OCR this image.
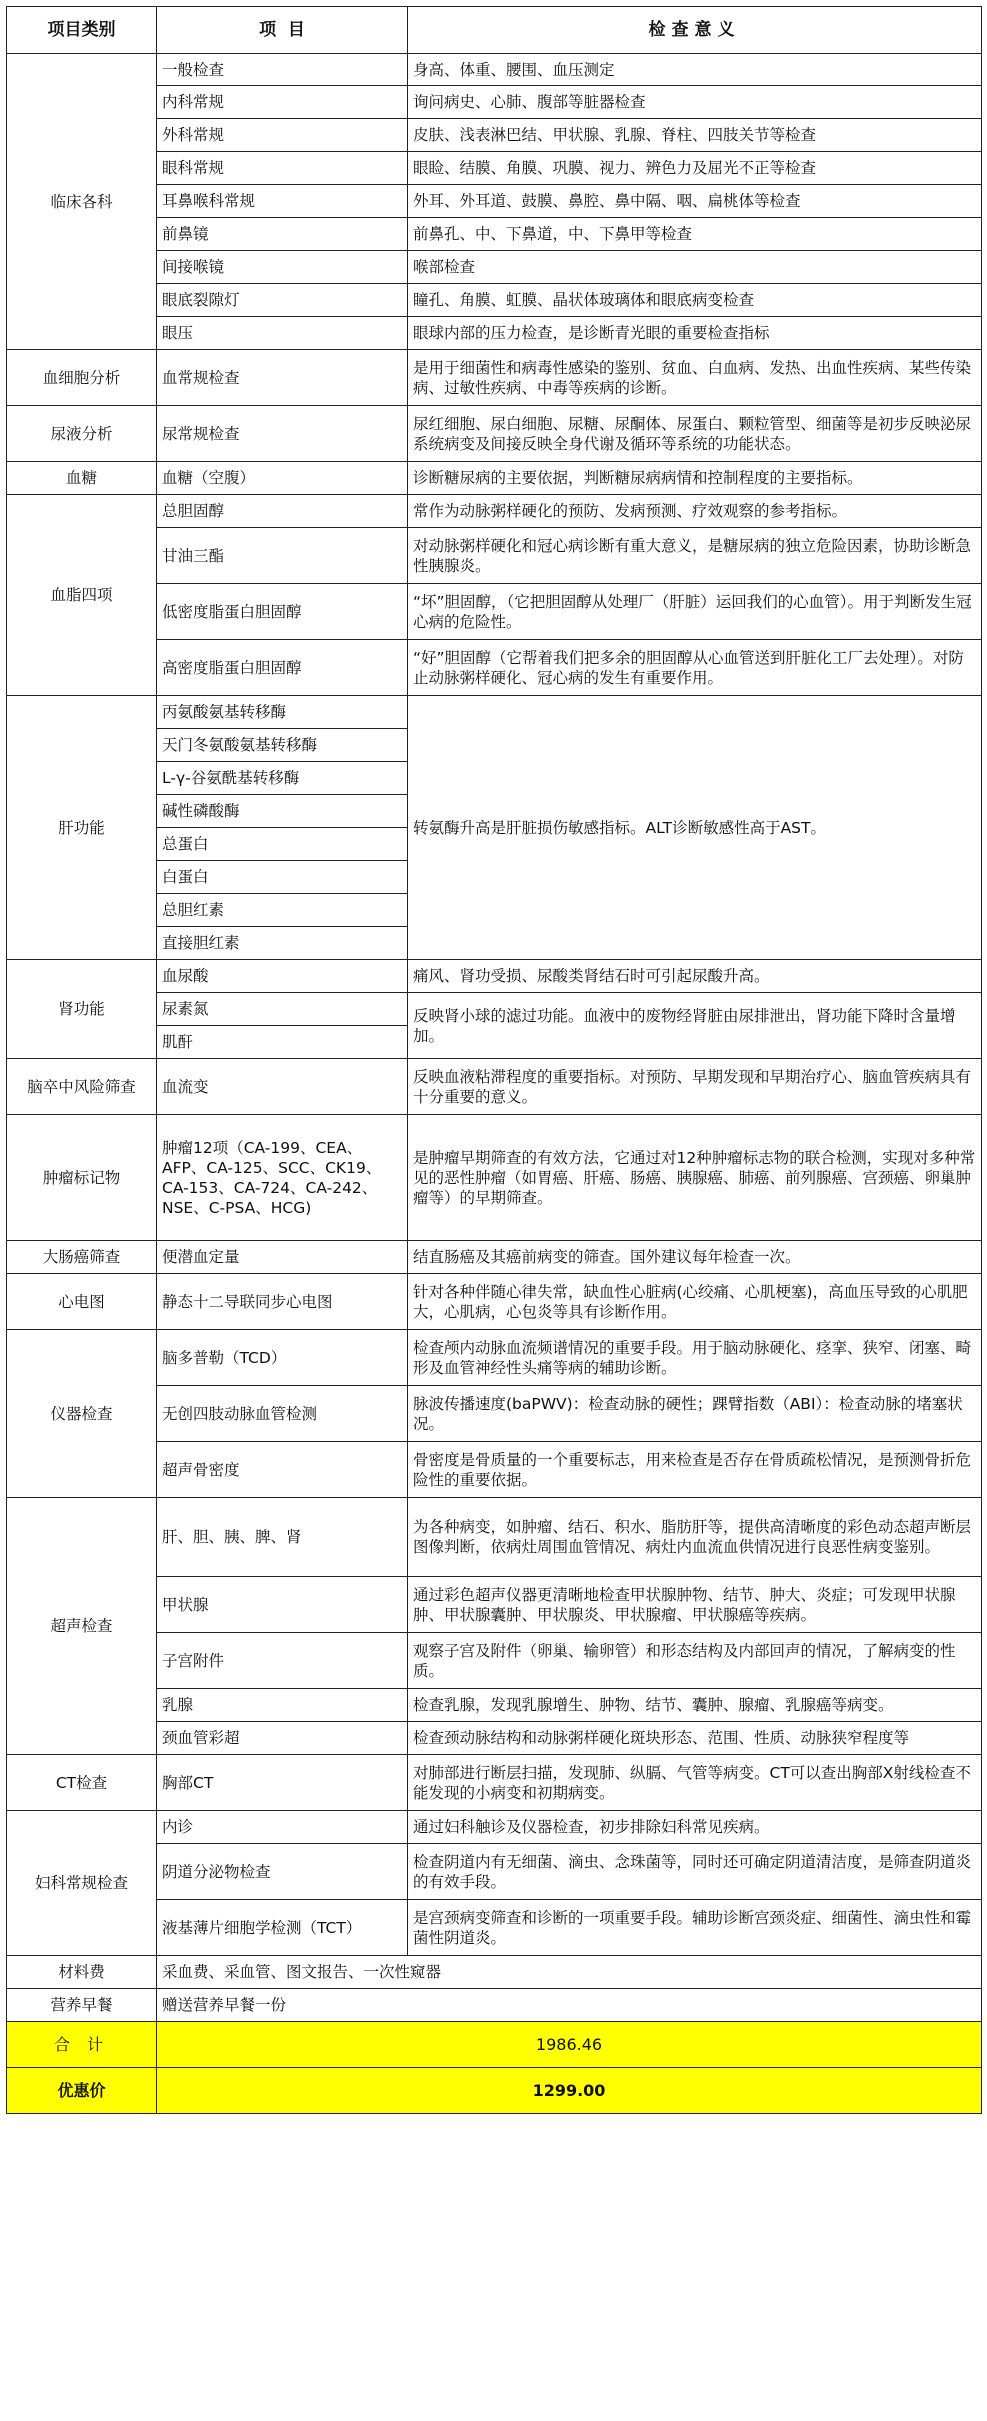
项目类别	项  目	检查意义
临床各科	一般检查	身高、体重、腰围、血压测定
	内科常规	询问病史、心肺、腹部等脏器检查
	外科常规	皮肤、浅表淋巴结、甲状腺、乳腺、脊柱、四肢关节等检查
	眼科常规	眼睑、结膜、角膜、巩膜、视力、辨色力及屈光不正等检查
	耳鼻喉科常规	外耳、外耳道、鼓膜、鼻腔、鼻中隔、咽、扁桃体等检查
	前鼻镜	前鼻孔、中、下鼻道，中、下鼻甲等检查
	间接喉镜	喉部检查
	眼底裂隙灯	瞳孔、角膜、虹膜、晶状体玻璃体和眼底病变检查
	眼压	眼球内部的压力检查，是诊断青光眼的重要检查指标
血细胞分析	血常规检查	是用于细菌性和病毒性感染的鉴别、贫血、白血病、发热、出血性疾病、某些传染病、过敏性疾病、中毒等疾病的诊断。
尿液分析	尿常规检查	尿红细胞、尿白细胞、尿糖、尿酮体、尿蛋白、颗粒管型、细菌等是初步反映泌尿系统病变及间接反映全身代谢及循环等系统的功能状态。
血糖	血糖（空腹）	诊断糖尿病的主要依据，判断糖尿病病情和控制程度的主要指标。
血脂四项	总胆固醇	常作为动脉粥样硬化的预防、发病预测、疗效观察的参考指标。
	甘油三酯	对动脉粥样硬化和冠心病诊断有重大意义，是糖尿病的独立危险因素，协助诊断急性胰腺炎。
	低密度脂蛋白胆固醇	“坏”胆固醇，（它把胆固醇从处理厂（肝脏）运回我们的心血管）。用于判断发生冠心病的危险性。
	高密度脂蛋白胆固醇	“好”胆固醇（它帮着我们把多余的胆固醇从心血管送到肝脏化工厂去处理）。对防止动脉粥样硬化、冠心病的发生有重要作用。
肝功能	丙氨酸氨基转移酶	转氨酶升高是肝脏损伤敏感指标。ALT诊断敏感性高于AST。
	天门冬氨酸氨基转移酶	
	L-γ-谷氨酰基转移酶	
	碱性磷酸酶	
	总蛋白	
	白蛋白	
	总胆红素	
	直接胆红素	
肾功能	血尿酸	痛风、肾功受损、尿酸类肾结石时可引起尿酸升高。
	尿素氮	反映肾小球的滤过功能。血液中的废物经肾脏由尿排泄出，肾功能下降时含量增加。
	肌酐	
脑卒中风险筛查	血流变	反映血液粘滞程度的重要指标。对预防、早期发现和早期治疗心、脑血管疾病具有十分重要的意义。
肿瘤标记物	肿瘤12项（CA-199、CEA、AFP、CA-125、SCC、CK19、CA-153、CA-724、CA-242、NSE、C-PSA、HCG)	是肿瘤早期筛查的有效方法，它通过对12种肿瘤标志物的联合检测，实现对多种常见的恶性肿瘤（如胃癌、肝癌、肠癌、胰腺癌、肺癌、前列腺癌、宫颈癌、卵巢肿瘤等）的早期筛查。
大肠癌筛查	便潜血定量	结直肠癌及其癌前病变的筛查。国外建议每年检查一次。
心电图	静态十二导联同步心电图	针对各种伴随心律失常，缺血性心脏病(心绞痛、心肌梗塞)，高血压导致的心肌肥大，心肌病，心包炎等具有诊断作用。
仪器检查	脑多普勒（TCD）	检查颅内动脉血流频谱情况的重要手段。用于脑动脉硬化、痉挛、狭窄、闭塞、畸形及血管神经性头痛等病的辅助诊断。
	无创四肢动脉血管检测	脉波传播速度(baPWV)：检查动脉的硬性；踝臂指数（ABI）：检查动脉的堵塞状况。
	超声骨密度	骨密度是骨质量的一个重要标志，用来检查是否存在骨质疏松情况，是预测骨折危险性的重要依据。
超声检查	肝、胆、胰、脾、肾	为各种病变，如肿瘤、结石、积水、脂肪肝等，提供高清晰度的彩色动态超声断层图像判断，依病灶周围血管情况、病灶内血流血供情况进行良恶性病变鉴别。
	甲状腺	通过彩色超声仪器更清晰地检查甲状腺肿物、结节、肿大、炎症；可发现甲状腺肿、甲状腺囊肿、甲状腺炎、甲状腺瘤、甲状腺癌等疾病。
	子宫附件	观察子宫及附件（卵巢、输卵管）和形态结构及内部回声的情况，了解病变的性质。
	乳腺	检查乳腺，发现乳腺增生、肿物、结节、囊肿、腺瘤、乳腺癌等病变。
	颈血管彩超	检查颈动脉结构和动脉粥样硬化斑块形态、范围、性质、动脉狭窄程度等
CT检查	胸部CT	对肺部进行断层扫描，发现肺、纵膈、气管等病变。CT可以查出胸部X射线检查不能发现的小病变和初期病变。
妇科常规检查	内诊	通过妇科触诊及仪器检查，初步排除妇科常见疾病。
	阴道分泌物检查	检查阴道内有无细菌、滴虫、念珠菌等，同时还可确定阴道清洁度，是筛查阴道炎的有效手段。
	液基薄片细胞学检测（TCT）	是宫颈病变筛查和诊断的一项重要手段。辅助诊断宫颈炎症、细菌性、滴虫性和霉菌性阴道炎。
材料费	采血费、采血管、图文报告、一次性窥器	
营养早餐	赠送营养早餐一份	
合 计	1986.46	
优惠价	1299.00	
